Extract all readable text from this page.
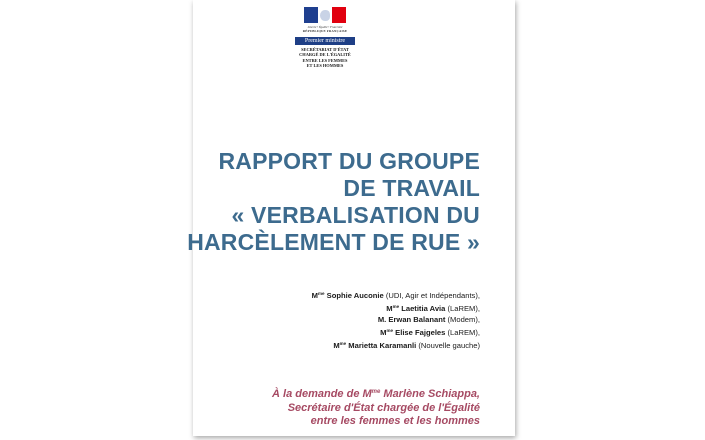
Liberté • Égalité • Fraternité
RÉPUBLIQUE FRANÇAISE
Premier ministre
SECRÉTARIAT D'ÉTAT
CHARGÉ DE L'ÉGALITÉ
ENTRE LES FEMMES
ET LES HOMMES
RAPPORT DU GROUPE
DE TRAVAIL
« VERBALISATION DU
HARCÈLEMENT DE RUE »
$M^{me}$ Sophie Auconie (UDI, Agir et Indépendants),
$M^{me}$ Laetitia Avia (LaREM),
M. Erwan Balanant (Modem),
$M^{me}$ Elise Fajgeles (LaREM),
$M^{me}$ Marietta Karamanli (Nouvelle gauche)
À la demande de $M^{me}$ Marlène Schiappa,
Secrétaire d'État chargée de l'Égalité
entre les femmes et les hommes
